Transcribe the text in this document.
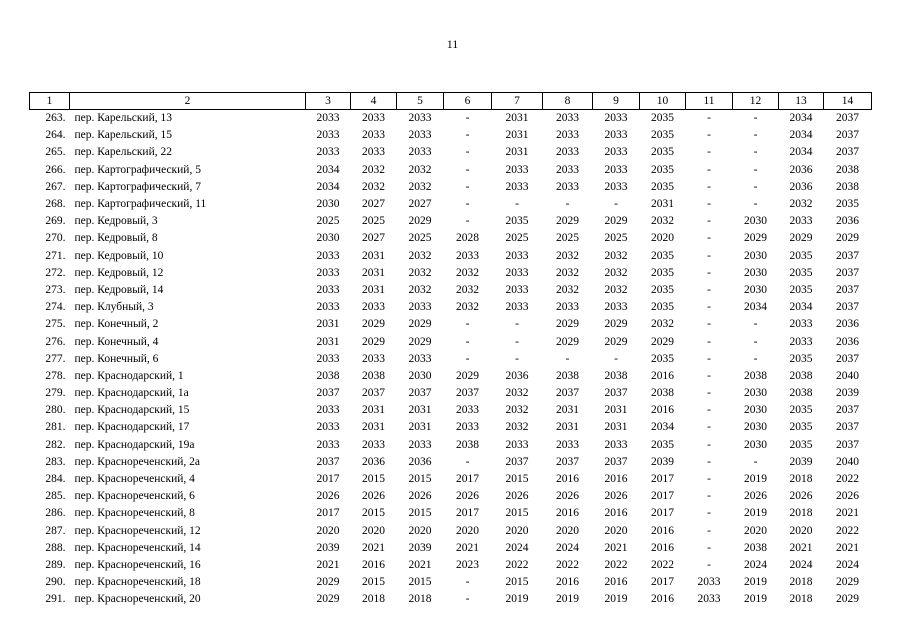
11
1	2	3	4	5	6	7	8	9	10	11	12	13	14
263.	пер. Карельский, 13	2033	2033	2033	-	2031	2033	2033	2035	-	-	2034	2037
264.	пер. Карельский, 15	2033	2033	2033	-	2031	2033	2033	2035	-	-	2034	2037
265.	пер. Карельский, 22	2033	2033	2033	-	2031	2033	2033	2035	-	-	2034	2037
266.	пер. Картографический, 5	2034	2032	2032	-	2033	2033	2033	2035	-	-	2036	2038
267.	пер. Картографический, 7	2034	2032	2032	-	2033	2033	2033	2035	-	-	2036	2038
268.	пер. Картографический, 11	2030	2027	2027	-	-	-	-	2031	-	-	2032	2035
269.	пер. Кедровый, 3	2025	2025	2029	-	2035	2029	2029	2032	-	2030	2033	2036
270.	пер. Кедровый, 8	2030	2027	2025	2028	2025	2025	2025	2020	-	2029	2029	2029
271.	пер. Кедровый, 10	2033	2031	2032	2033	2033	2032	2032	2035	-	2030	2035	2037
272.	пер. Кедровый, 12	2033	2031	2032	2032	2033	2032	2032	2035	-	2030	2035	2037
273.	пер. Кедровый, 14	2033	2031	2032	2032	2033	2032	2032	2035	-	2030	2035	2037
274.	пер. Клубный, 3	2033	2033	2033	2032	2033	2033	2033	2035	-	2034	2034	2037
275.	пер. Конечный, 2	2031	2029	2029	-	-	2029	2029	2032	-	-	2033	2036
276.	пер. Конечный, 4	2031	2029	2029	-	-	2029	2029	2029	-	-	2033	2036
277.	пер. Конечный, 6	2033	2033	2033	-	-	-	-	2035	-	-	2035	2037
278.	пер. Краснодарский, 1	2038	2038	2030	2029	2036	2038	2038	2016	-	2038	2038	2040
279.	пер. Краснодарский, 1а	2037	2037	2037	2037	2032	2037	2037	2038	-	2030	2038	2039
280.	пер. Краснодарский, 15	2033	2031	2031	2033	2032	2031	2031	2016	-	2030	2035	2037
281.	пер. Краснодарский, 17	2033	2031	2031	2033	2032	2031	2031	2034	-	2030	2035	2037
282.	пер. Краснодарский, 19а	2033	2033	2033	2038	2033	2033	2033	2035	-	2030	2035	2037
283.	пер. Краснореченский, 2а	2037	2036	2036	-	2037	2037	2037	2039	-	-	2039	2040
284.	пер. Краснореченский, 4	2017	2015	2015	2017	2015	2016	2016	2017	-	2019	2018	2022
285.	пер. Краснореченский, 6	2026	2026	2026	2026	2026	2026	2026	2017	-	2026	2026	2026
286.	пер. Краснореченский, 8	2017	2015	2015	2017	2015	2016	2016	2017	-	2019	2018	2021
287.	пер. Краснореченский, 12	2020	2020	2020	2020	2020	2020	2020	2016	-	2020	2020	2022
288.	пер. Краснореченский, 14	2039	2021	2039	2021	2024	2024	2021	2016	-	2038	2021	2021
289.	пер. Краснореченский, 16	2021	2016	2021	2023	2022	2022	2022	2022	-	2024	2024	2024
290.	пер. Краснореченский, 18	2029	2015	2015	-	2015	2016	2016	2017	2033	2019	2018	2029
291.	пер. Краснореченский, 20	2029	2018	2018	-	2019	2019	2019	2016	2033	2019	2018	2029
